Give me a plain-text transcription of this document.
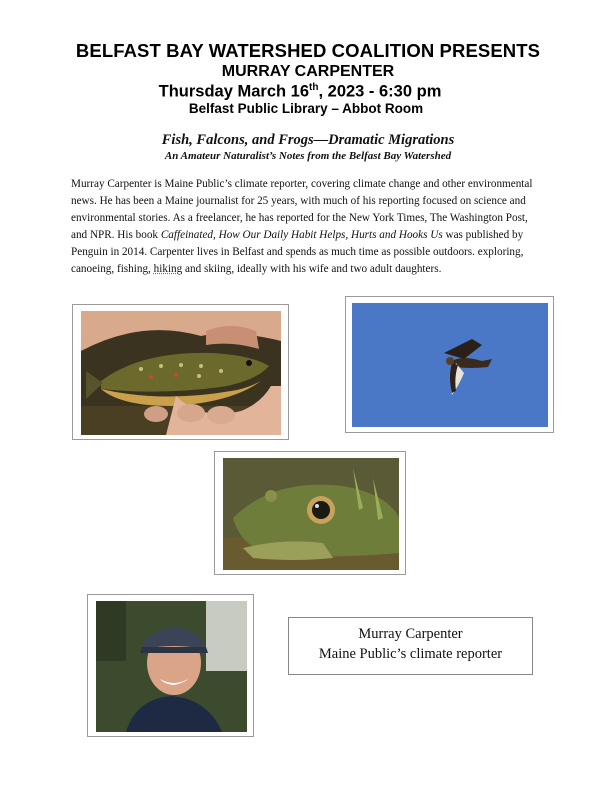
BELFAST BAY WATERSHED COALITION PRESENTS
MURRAY CARPENTER
Thursday March 16th, 2023 - 6:30 pm
Belfast Public Library – Abbot Room
Fish, Falcons, and Frogs—Dramatic Migrations
An Amateur Naturalist’s Notes from the Belfast Bay Watershed

Murray Carpenter is Maine Public’s climate reporter, covering climate change and other environmental news. He has been a Maine journalist for 25 years, with much of his reporting focused on science and environmental stories. As a freelancer, he has reported for the New York Times, The Washington Post, and NPR. His book Caffeinated, How Our Daily Habit Helps, Hurts and Hooks Us was published by Penguin in 2014. Carpenter lives in Belfast and spends as much time as possible outdoors. exploring, canoeing, fishing, hiking and skiing, ideally with his wife and two adult daughters.

Murray Carpenter
Maine Public’s climate reporter
